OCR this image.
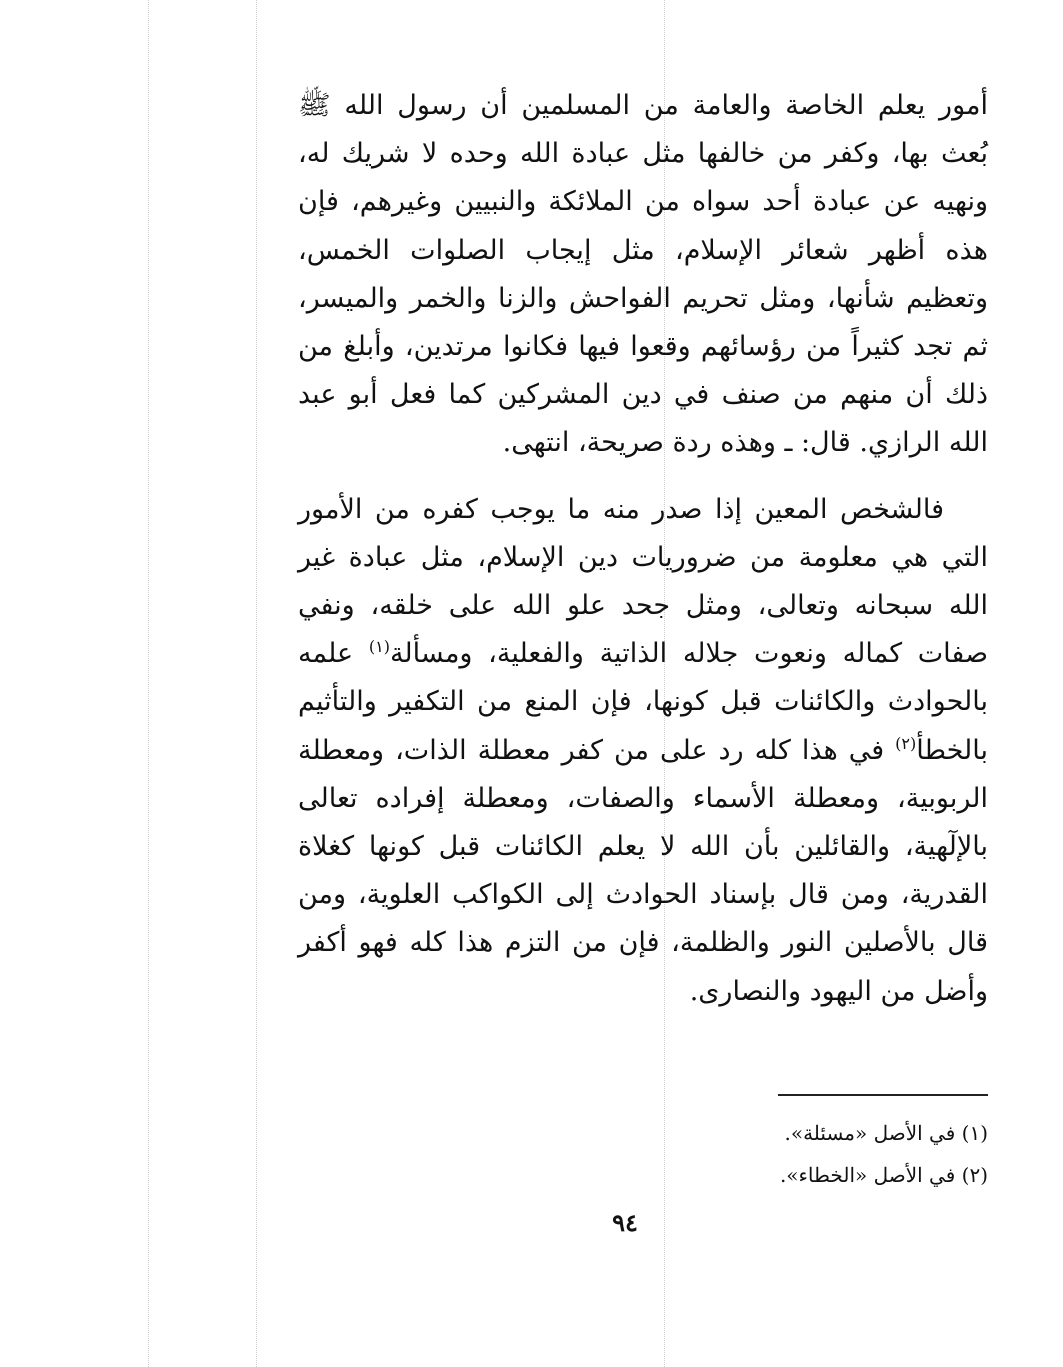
أمور يعلم الخاصة والعامة من المسلمين أن رسول الله ﷺ بُعث بها، وكفر من خالفها مثل عبادة الله وحده لا شريك له، ونهيه عن عبادة أحد سواه من الملائكة والنبيين وغيرهم، فإن هذه أظهر شعائر الإسلام، مثل إيجاب الصلوات الخمس، وتعظيم شأنها، ومثل تحريم الفواحش والزنا والخمر والميسر، ثم تجد كثيراً من رؤسائهم وقعوا فيها فكانوا مرتدين، وأبلغ من ذلك أن منهم من صنف في دين المشركين كما فعل أبو عبد الله الرازي. قال: ـ وهذه ردة صريحة، انتهى.

فالشخص المعين إذا صدر منه ما يوجب كفره من الأمور التي هي معلومة من ضروريات دين الإسلام، مثل عبادة غير الله سبحانه وتعالى، ومثل جحد علو الله على خلقه، ونفي صفات كماله ونعوت جلاله الذاتية والفعلية، ومسألة$^{(١)}$ علمه بالحوادث والكائنات قبل كونها، فإن المنع من التكفير والتأثيم بالخطأ$^{(٢)}$ في هذا كله رد على من كفر معطلة الذات، ومعطلة الربوبية، ومعطلة الأسماء والصفات، ومعطلة إفراده تعالى بالإلٓهية، والقائلين بأن الله لا يعلم الكائنات قبل كونها كغلاة القدرية، ومن قال بإسناد الحوادث إلى الكواكب العلوية، ومن قال بالأصلين النور والظلمة، فإن من التزم هذا كله فهو أكفر وأضل من اليهود والنصارى.

(١) في الأصل «مسئلة».
(٢) في الأصل «الخطاء».
٩٤
